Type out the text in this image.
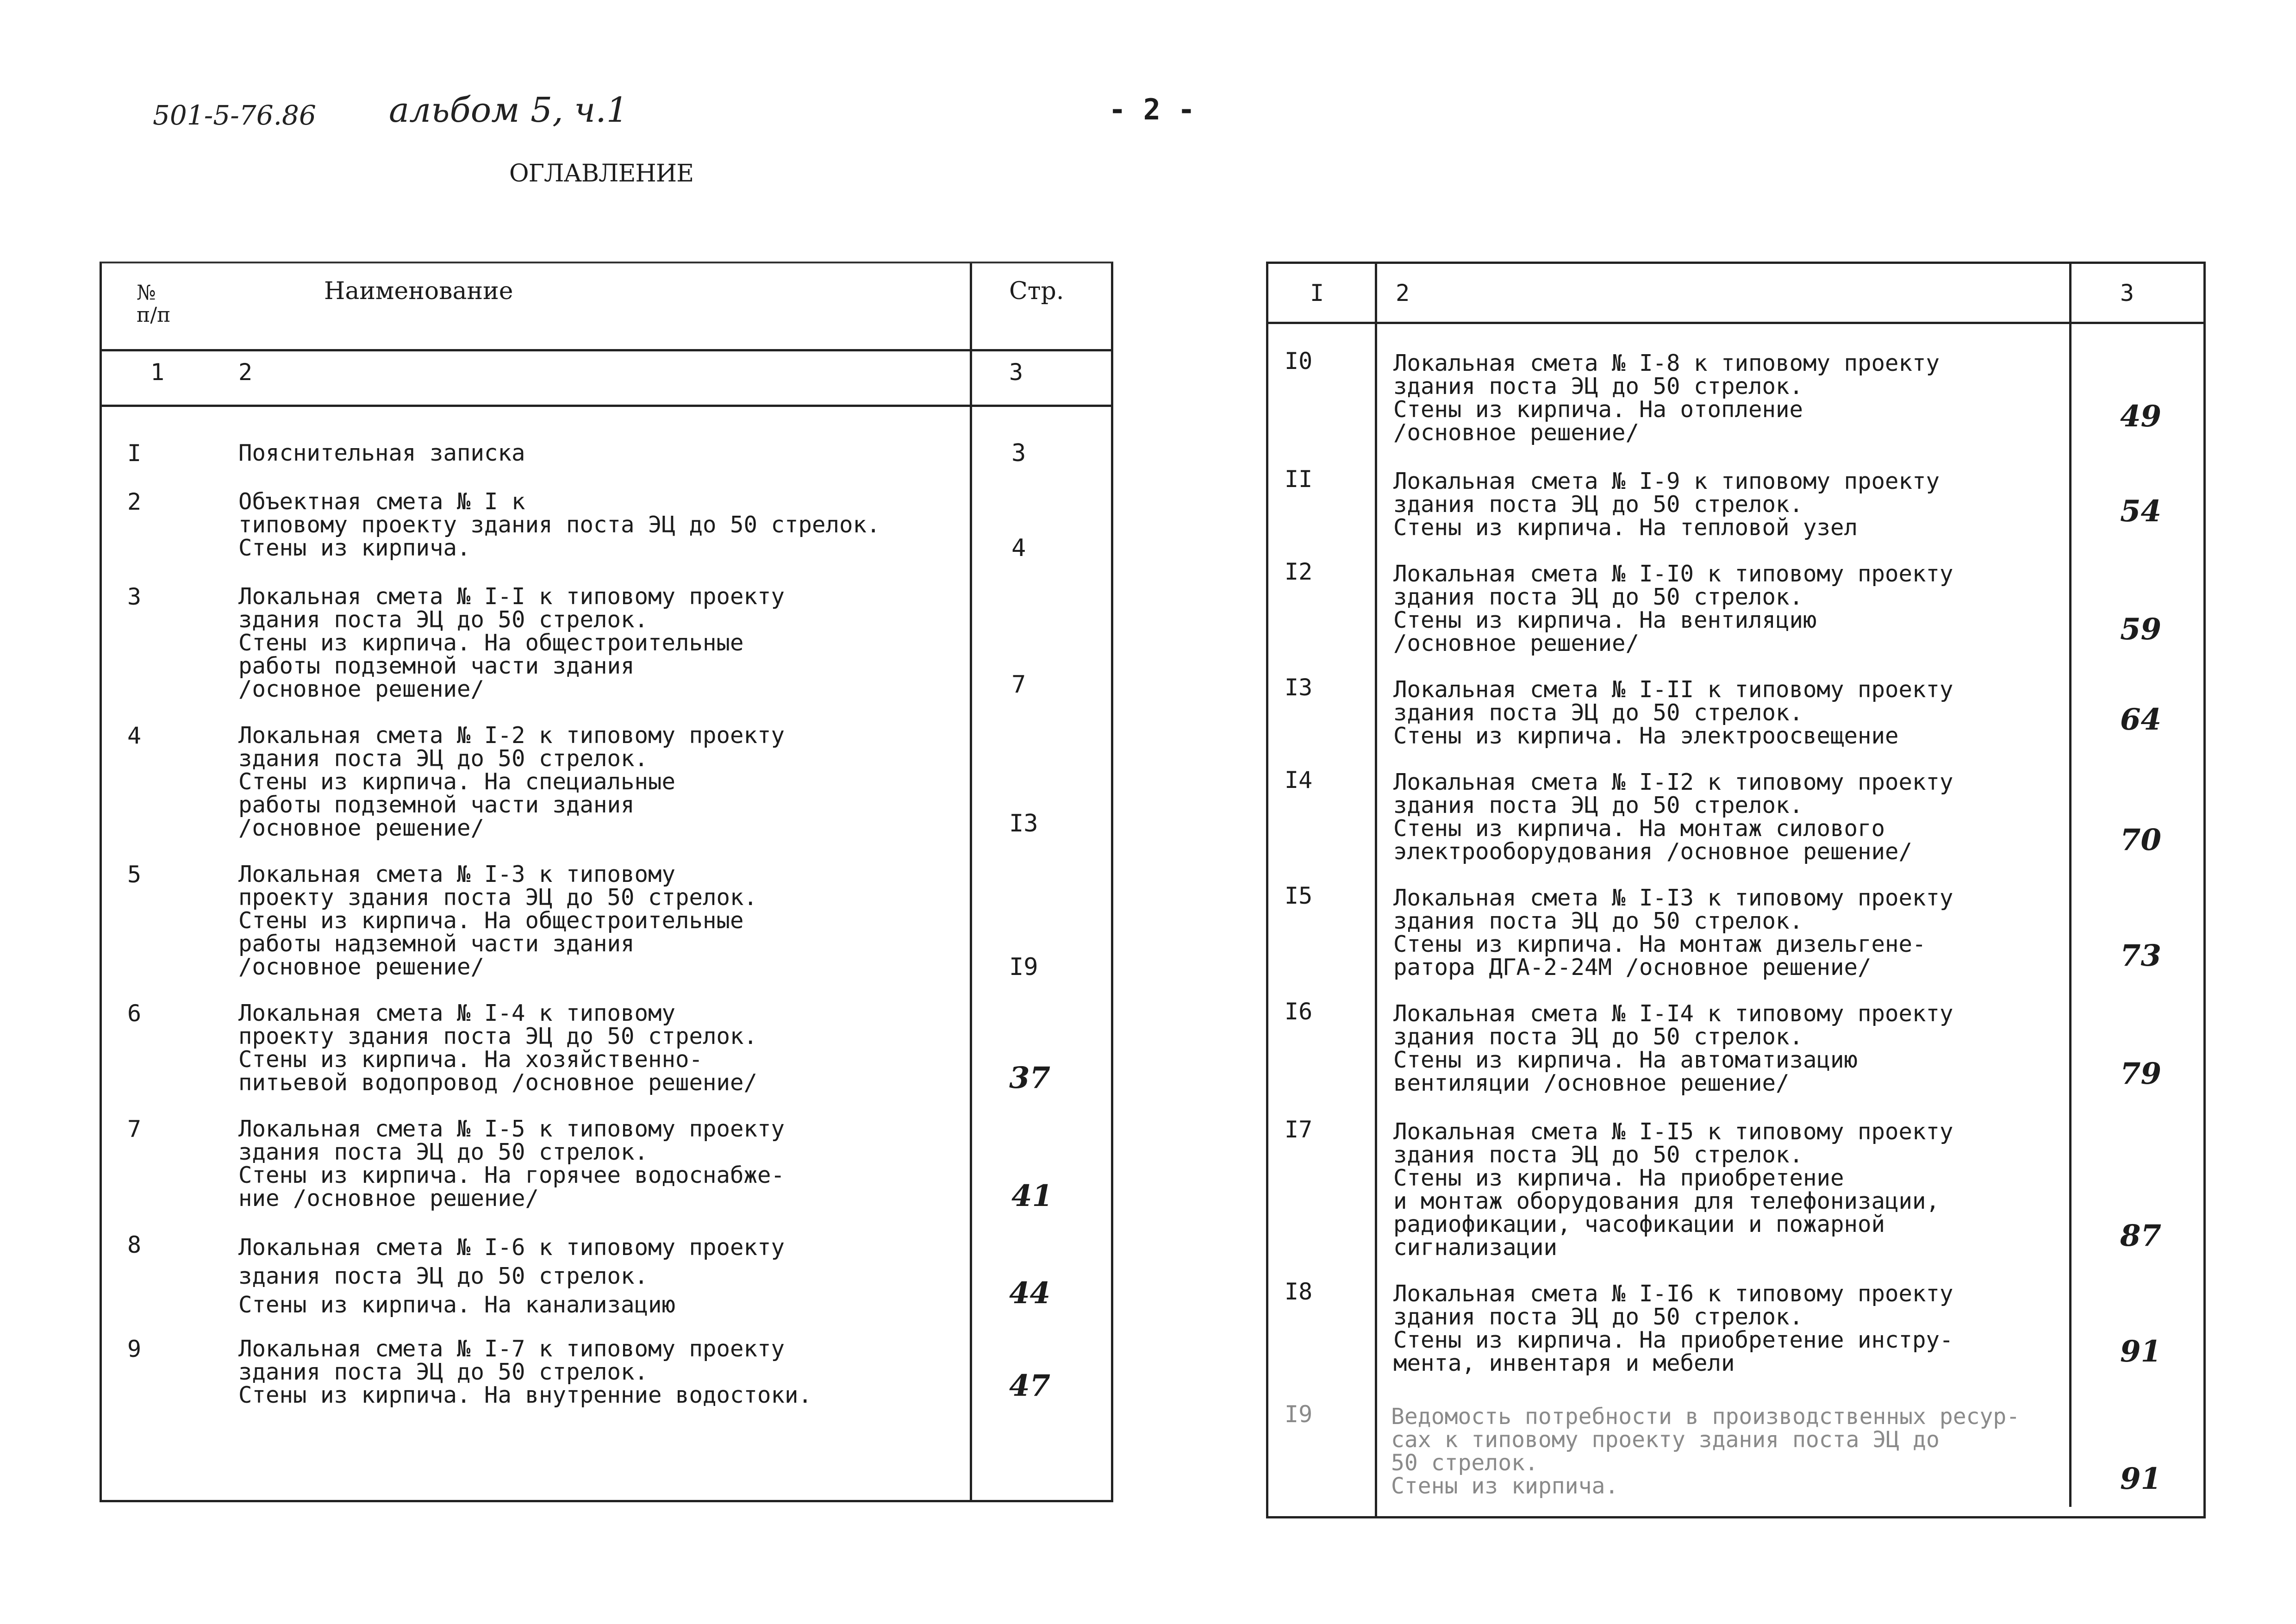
501-5-76.86 альбом 5, ч.1	- 2 -
ОГЛАВЛЕНИЕ
№
п/п
Наименование	Стр.
1	2	3
I	Пояснительная записка	3
2	Объектная смета № I к
типовому проекту здания поста ЭЦ до 50 стрелок.
Стены из кирпича.	4
3	Локальная смета № I-I к типовому проекту
здания поста ЭЦ до 50 стрелок.
Стены из кирпича. На общестроительные
работы подземной части здания
/основное решение/	7
4	Локальная смета № I-2 к типовому проекту
здания поста ЭЦ до 50 стрелок.
Стены из кирпича. На специальные
работы подземной части здания
/основное решение/	I3
5	Локальная смета № I-3 к типовому
проекту здания поста ЭЦ до 50 стрелок.
Стены из кирпича. На общестроительные
работы надземной части здания
/основное решение/	I9
6	Локальная смета № I-4 к типовому
проекту здания поста ЭЦ до 50 стрелок.
Стены из кирпича. На хозяйственно-
питьевой водопровод /основное решение/	37
7	Локальная смета № I-5 к типовому проекту
здания поста ЭЦ до 50 стрелок.
Стены из кирпича. На горячее водоснабже-
ние /основное решение/	41
8	Локальная смета № I-6 к типовому проекту
здания поста ЭЦ до 50 стрелок.
Стены из кирпича. На канализацию	44
9	Локальная смета № I-7 к типовому проекту
здания поста ЭЦ до 50 стрелок.
Стены из кирпича. На внутренние водостоки.	47
I	2	3
I0	Локальная смета № I-8 к типовому проекту
здания поста ЭЦ до 50 стрелок.
Стены из кирпича. На отопление
/основное решение/	49
II	Локальная смета № I-9 к типовому проекту
здания поста ЭЦ до 50 стрелок.
Стены из кирпича. На тепловой узел	54
I2	Локальная смета № I-I0 к типовому проекту
здания поста ЭЦ до 50 стрелок.
Стены из кирпича. На вентиляцию
/основное решение/	59
I3	Локальная смета № I-II к типовому проекту
здания поста ЭЦ до 50 стрелок.
Стены из кирпича. На электроосвещение	64
I4	Локальная смета № I-I2 к типовому проекту
здания поста ЭЦ до 50 стрелок.
Стены из кирпича. На монтаж силового
электрооборудования /основное решение/	70
I5	Локальная смета № I-I3 к типовому проекту
здания поста ЭЦ до 50 стрелок.
Стены из кирпича. На монтаж дизельгене-
ратора ДГА-2-24М /основное решение/	73
I6	Локальная смета № I-I4 к типовому проекту
здания поста ЭЦ до 50 стрелок.
Стены из кирпича. На автоматизацию
вентиляции /основное решение/	79
I7	Локальная смета № I-I5 к типовому проекту
здания поста ЭЦ до 50 стрелок.
Стены из кирпича. На приобретение
и монтаж оборудования для телефонизации,
радиофикации, часофикации и пожарной
сигнализации	87
I8	Локальная смета № I-I6 к типовому проекту
здания поста ЭЦ до 50 стрелок.
Стены из кирпича. На приобретение инстру-
мента, инвентаря и мебели	91
I9	Ведомость потребности в производственных ресур-
сах к типовому проекту здания поста ЭЦ до
50 стрелок.
Стены из кирпича.	91
